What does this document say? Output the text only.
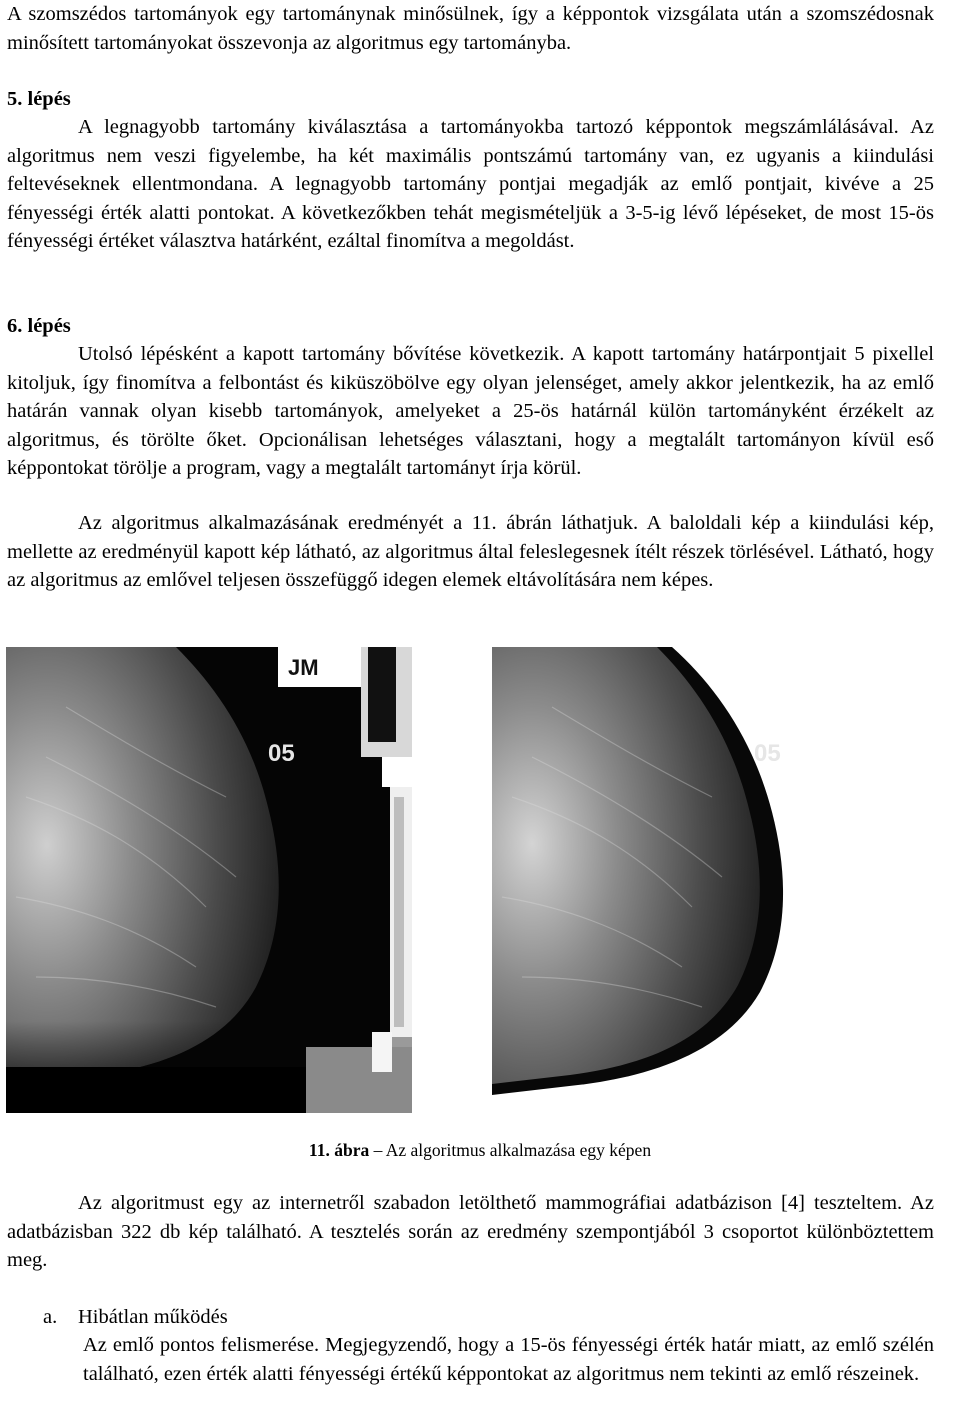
A szomszédos tartományok egy tartománynak minősülnek, így a képpontok vizsgálata után a szomszédosnak minősített tartományokat összevonja az algoritmus egy tartományba.

5. lépés

A legnagyobb tartomány kiválasztása a tartományokba tartozó képpontok megszámlálásával. Az algoritmus nem veszi figyelembe, ha két maximális pontszámú tartomány van, ez ugyanis a kiindulási feltevéseknek ellentmondana. A legnagyobb tartomány pontjai megadják az emlő pontjait, kivéve a 25 fényességi érték alatti pontokat. A következőkben tehát megismételjük a 3-5-ig lévő lépéseket, de most 15-ös fényességi értéket választva határként, ezáltal finomítva a megoldást.

6. lépés

Utolsó lépésként a kapott tartomány bővítése következik. A kapott tartomány határpontjait 5 pixellel kitoljuk, így finomítva a felbontást és kiküszöbölve egy olyan jelenséget, amely akkor jelentkezik, ha az emlő határán vannak olyan kisebb tartományok, amelyeket a 25-ös határnál külön tartományként érzékelt az algoritmus, és törölte őket. Opcionálisan lehetséges választani, hogy a megtalált tartományon kívül eső képpontokat törölje a program, vagy a megtalált tartományt írja körül.

Az algoritmus alkalmazásának eredményét a 11. ábrán láthatjuk. A baloldali kép a kiindulási kép, mellette az eredményül kapott kép látható, az algoritmus által feleslegesnek ítélt részek törlésével. Látható, hogy az algoritmus az emlővel teljesen összefüggő idegen elemek eltávolítására nem képes.

JM
05	05
11. ábra – Az algoritmus alkalmazása egy képen

Az algoritmust egy az internetről szabadon letölthető mammográfiai adatbázison [4] teszteltem. Az adatbázisban 322 db kép található. A tesztelés során az eredmény szempontjából 3 csoportot különböztettem meg.

a. Hibátlan működés

Az emlő pontos felismerése. Megjegyzendő, hogy a 15-ös fényességi érték határ miatt, az emlő szélén található, ezen érték alatti fényességi értékű képpontokat az algoritmus nem tekinti az emlő részeinek.
